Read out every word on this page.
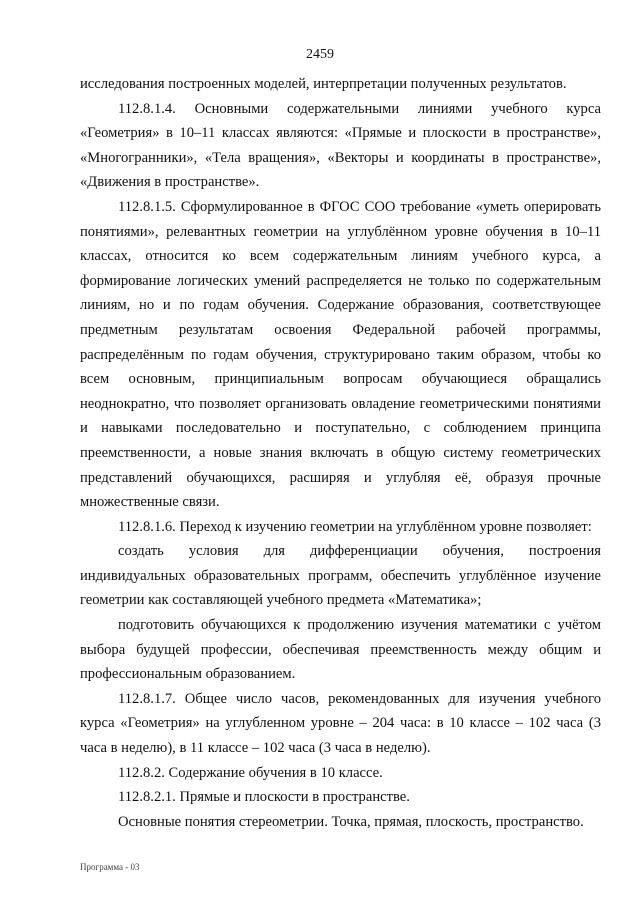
2459

исследования построенных моделей, интерпретации полученных результатов.

112.8.1.4. Основными содержательными линиями учебного курса «Геометрия» в 10–11 классах являются: «Прямые и плоскости в пространстве», «Многогранники», «Тела вращения», «Векторы и координаты в пространстве», «Движения в пространстве».

112.8.1.5. Сформулированное в ФГОС СОО требование «уметь оперировать понятиями», релевантных геометрии на углублённом уровне обучения в 10–11 классах, относится ко всем содержательным линиям учебного курса, а формирование логических умений распределяется не только по содержательным линиям, но и по годам обучения. Содержание образования, соответствующее предметным результатам освоения Федеральной рабочей программы, распределённым по годам обучения, структурировано таким образом, чтобы ко всем основным, принципиальным вопросам обучающиеся обращались неоднократно, что позволяет организовать овладение геометрическими понятиями и навыками последовательно и поступательно, с соблюдением принципа преемственности, а новые знания включать в общую систему геометрических представлений обучающихся, расширяя и углубляя её, образуя прочные множественные связи.

112.8.1.6. Переход к изучению геометрии на углублённом уровне позволяет:

создать условия для дифференциации обучения, построения индивидуальных образовательных программ, обеспечить углублённое изучение геометрии как составляющей учебного предмета «Математика»;

подготовить обучающихся к продолжению изучения математики с учётом выбора будущей профессии, обеспечивая преемственность между общим и профессиональным образованием.

112.8.1.7. Общее число часов, рекомендованных для изучения учебного курса «Геометрия» на углубленном уровне – 204 часа: в 10 классе – 102 часа (3 часа в неделю), в 11 классе – 102 часа (3 часа в неделю).

112.8.2. Содержание обучения в 10 классе.

112.8.2.1. Прямые и плоскости в пространстве.

Основные понятия стереометрии. Точка, прямая, плоскость, пространство.

Программа - 03
